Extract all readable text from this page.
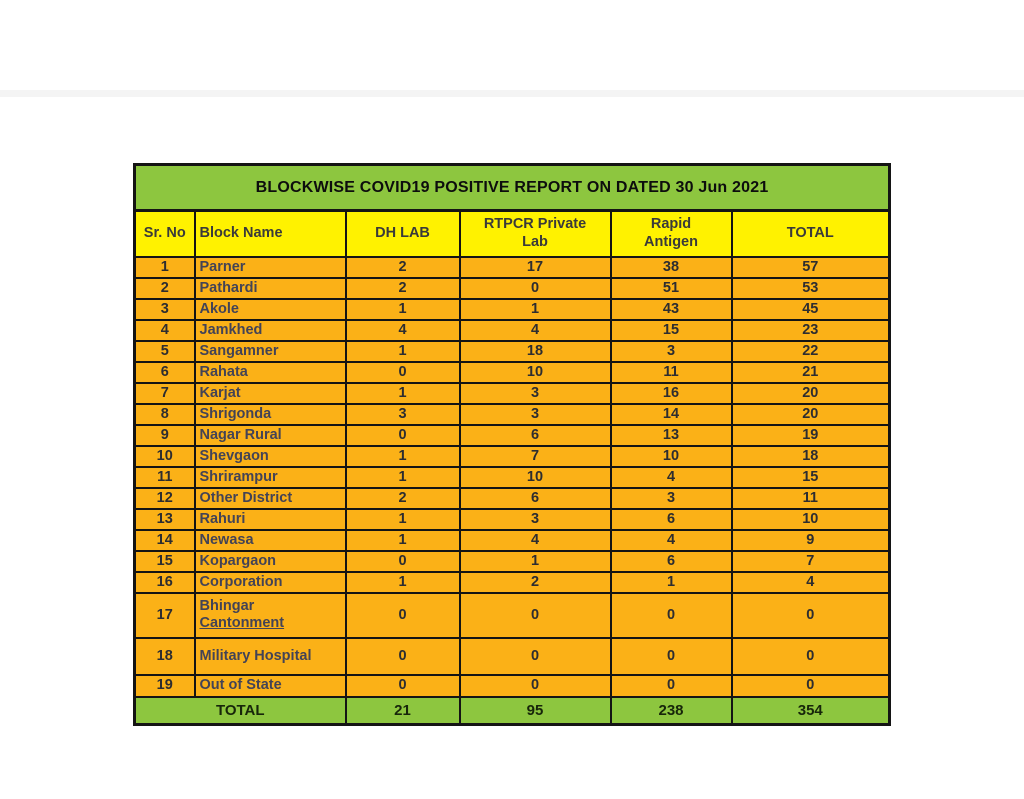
BLOCKWISE COVID19 POSITIVE REPORT ON DATED 30 Jun 2021					
Sr. No	Block Name	DH LAB	RTPCR Private Lab	Rapid Antigen	TOTAL
1	Parner	2	17	38	57
2	Pathardi	2	0	51	53
3	Akole	1	1	43	45
4	Jamkhed	4	4	15	23
5	Sangamner	1	18	3	22
6	Rahata	0	10	11	21
7	Karjat	1	3	16	20
8	Shrigonda	3	3	14	20
9	Nagar Rural	0	6	13	19
10	Shevgaon	1	7	10	18
11	Shrirampur	1	10	4	15
12	Other District	2	6	3	11
13	Rahuri	1	3	6	10
14	Newasa	1	4	4	9
15	Kopargaon	0	1	6	7
16	Corporation	1	2	1	4
17	Bhingar Cantonment	0	0	0	0
18	Military Hospital	0	0	0	0
19	Out of State	0	0	0	0
TOTAL		21	95	238	354
